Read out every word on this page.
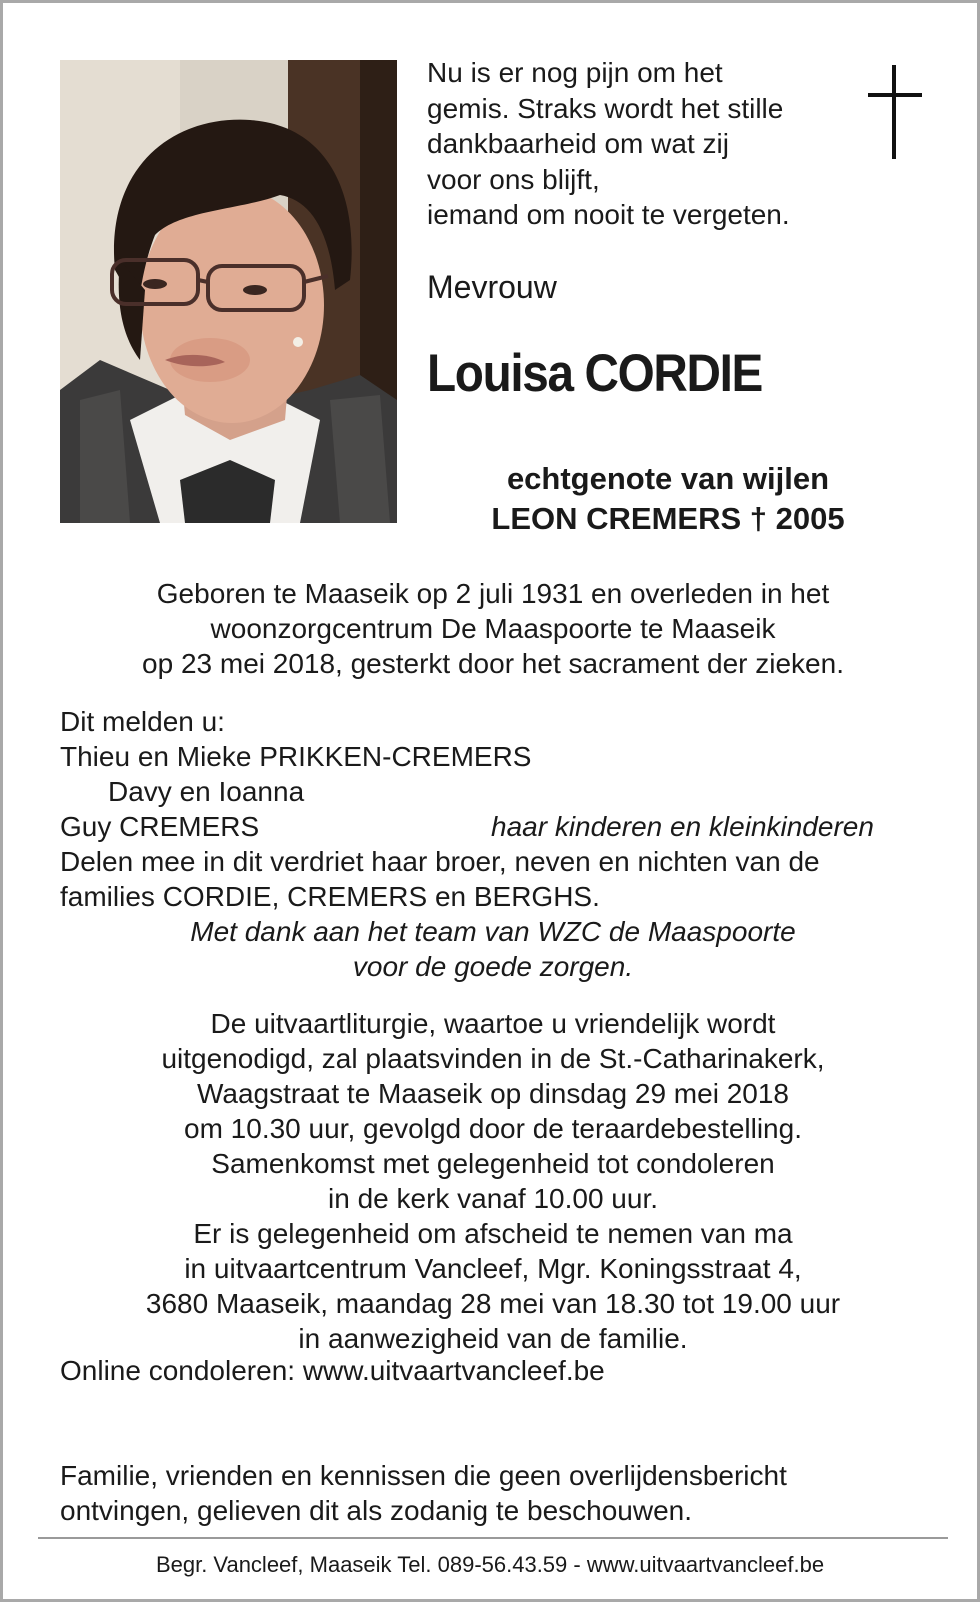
Nu is er nog pijn om het
gemis. Straks wordt het stille
dankbaarheid om wat zij
voor ons blijft,
iemand om nooit te vergeten.
Mevrouw
Louisa CORDIE
echtgenote van wijlen
LEON CREMERS † 2005
Geboren te Maaseik op 2 juli 1931 en overleden in het
woonzorgcentrum De Maaspoorte te Maaseik
op 23 mei 2018, gesterkt door het sacrament der zieken.
Dit melden u:
Thieu en Mieke PRIKKEN-CREMERS
Davy en Ioanna
Guy CREMERS	haar kinderen en kleinkinderen
Delen mee in dit verdriet haar broer, neven en nichten van de
families CORDIE, CREMERS en BERGHS.
Met dank aan het team van WZC de Maaspoorte
voor de goede zorgen.
De uitvaartliturgie, waartoe u vriendelijk wordt
uitgenodigd, zal plaatsvinden in de St.-Catharinakerk,
Waagstraat te Maaseik op dinsdag 29 mei 2018
om 10.30 uur, gevolgd door de teraardebestelling.
Samenkomst met gelegenheid tot condoleren
in de kerk vanaf 10.00 uur.
Er is gelegenheid om afscheid te nemen van ma
in uitvaartcentrum Vancleef, Mgr. Koningsstraat 4,
3680 Maaseik, maandag 28 mei van 18.30 tot 19.00 uur
in aanwezigheid van de familie.
Online condoleren: www.uitvaartvancleef.be
Familie, vrienden en kennissen die geen overlijdensbericht
ontvingen, gelieven dit als zodanig te beschouwen.
Begr. Vancleef, Maaseik Tel. 089-56.43.59 - www.uitvaartvancleef.be
